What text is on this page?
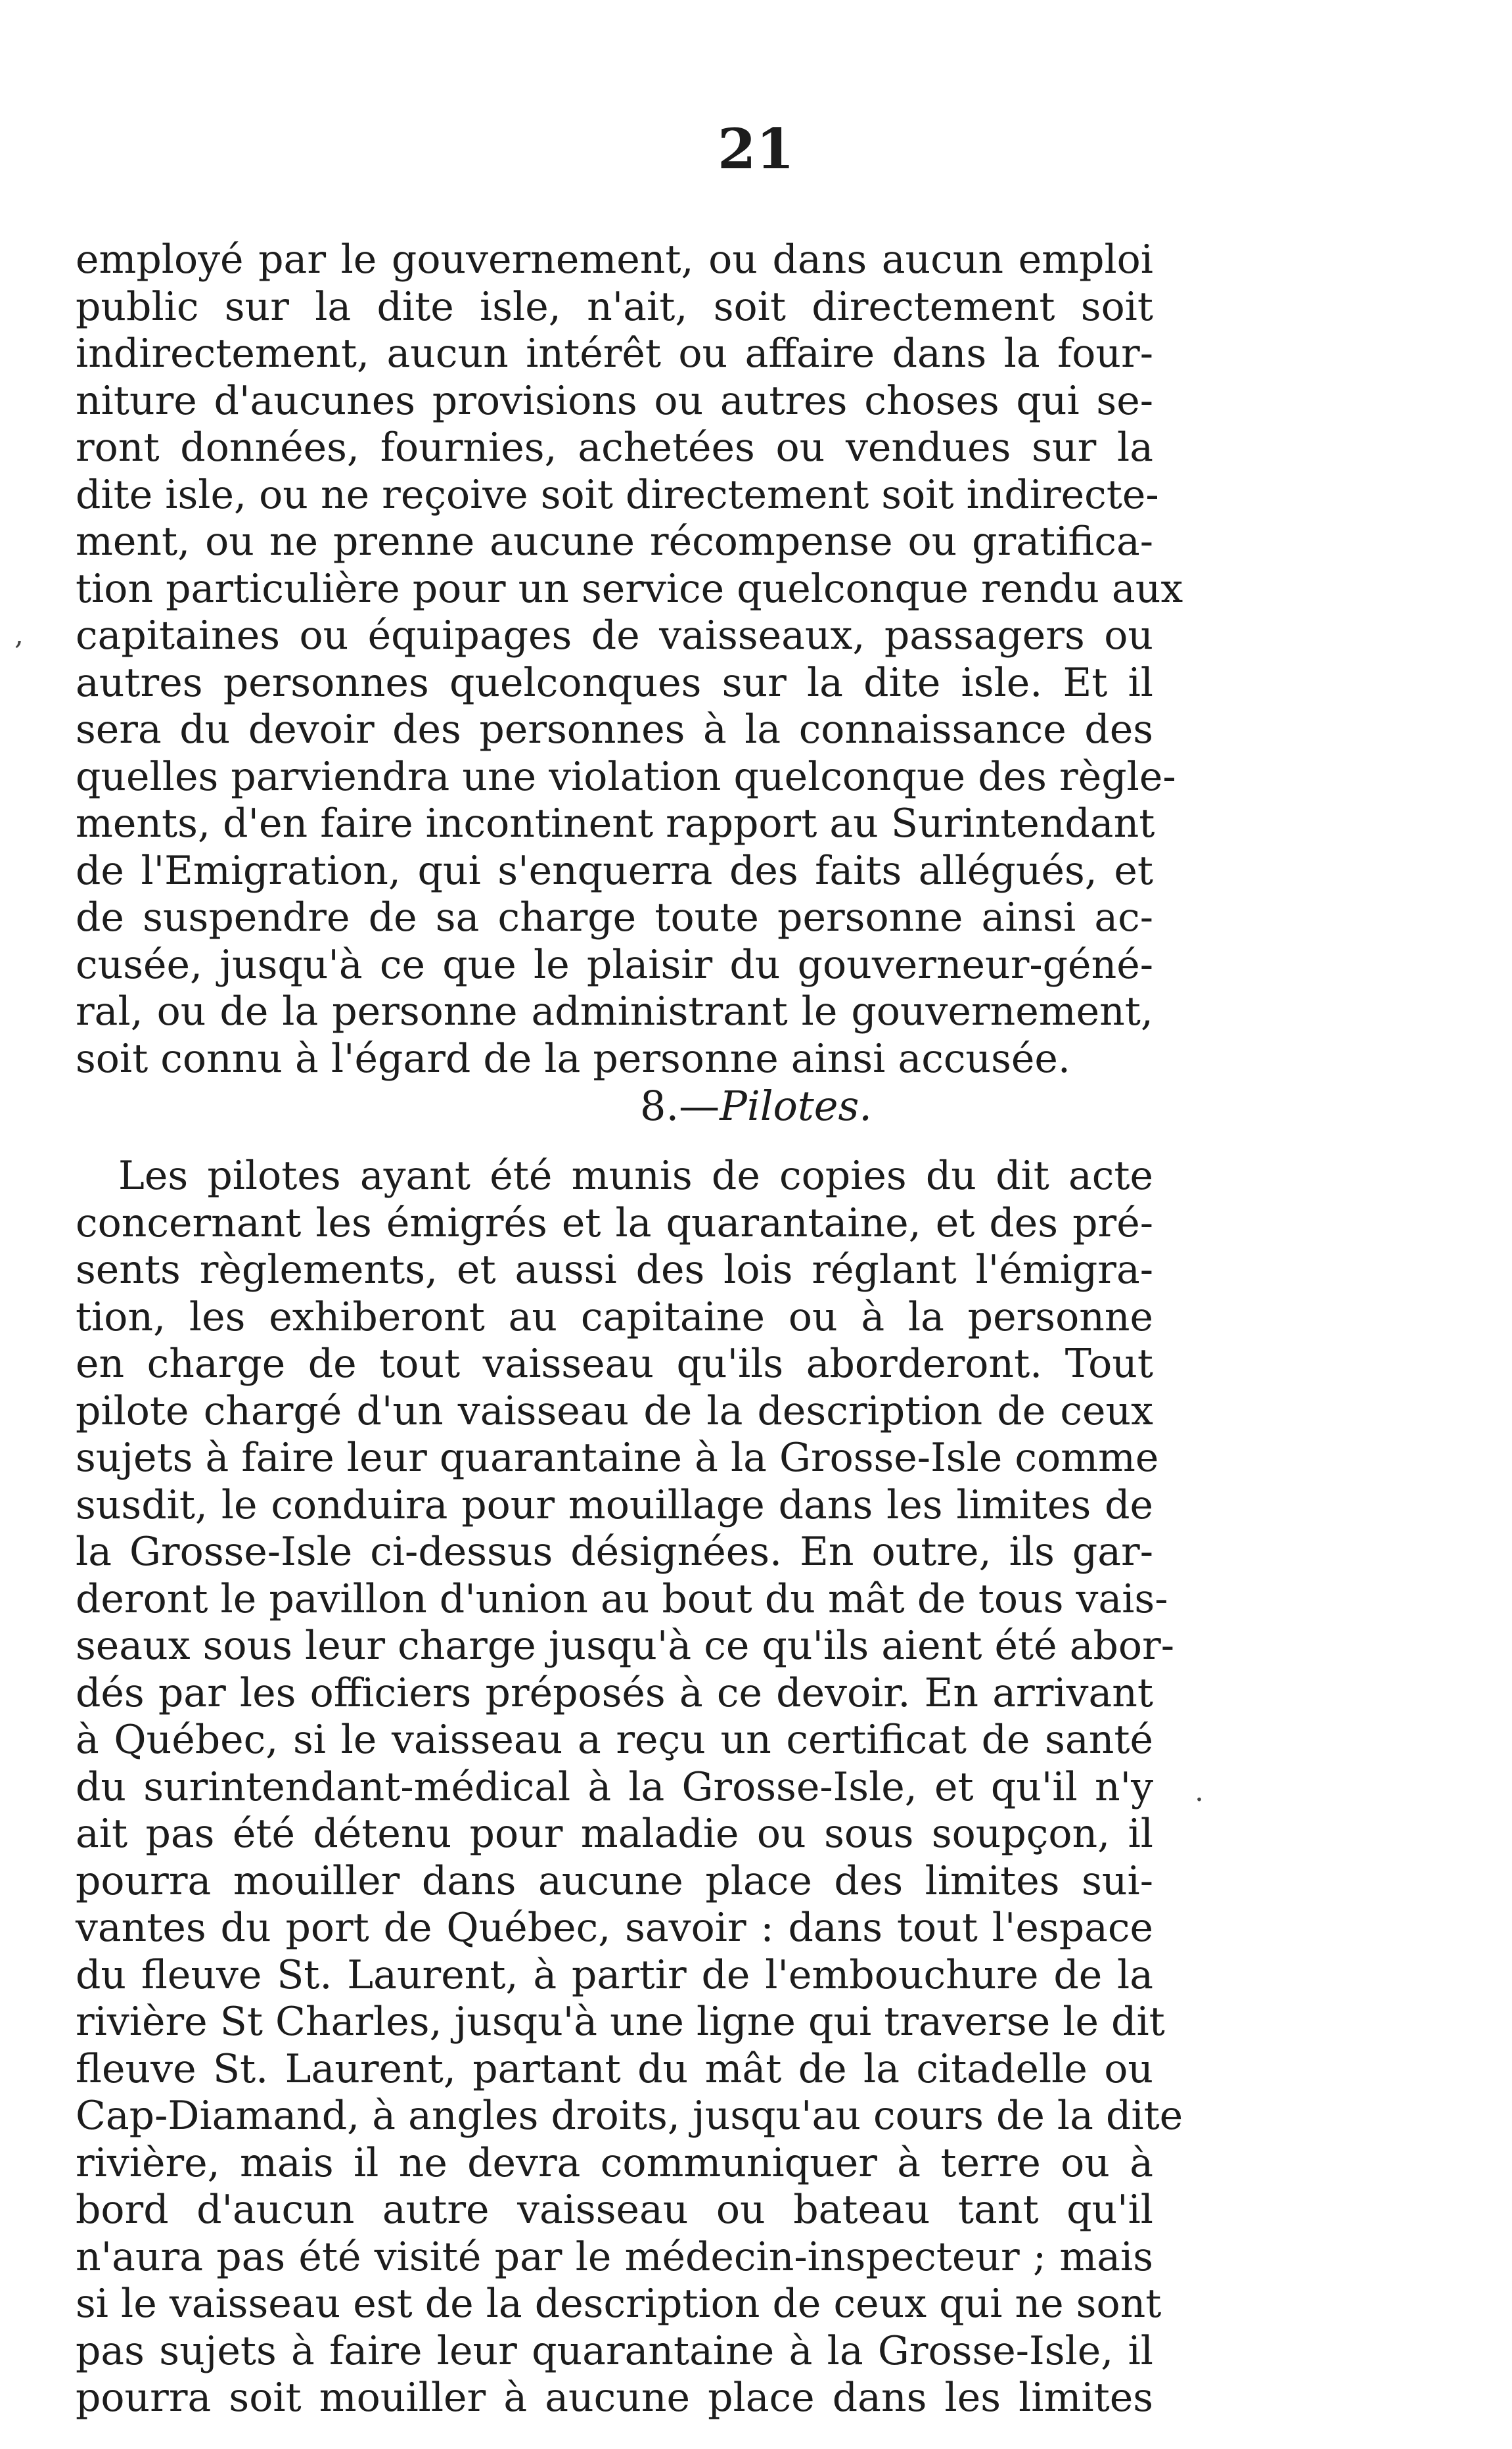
21
,
.
employé par le gouvernement, ou dans aucun emploi
public sur la dite isle, n'ait, soit directement soit
indirectement, aucun intérêt ou affaire dans la four-
niture d'aucunes provisions ou autres choses qui se-
ront données, fournies, achetées ou vendues sur la
dite isle, ou ne reçoive soit directement soit indirecte-
ment, ou ne prenne aucune récompense ou gratifica-
tion particulière pour un service quelconque rendu aux
capitaines ou équipages de vaisseaux, passagers ou
autres personnes quelconques sur la dite isle. Et il
sera du devoir des personnes à la connaissance des
quelles parviendra une violation quelconque des règle-
ments, d'en faire incontinent rapport au Surintendant
de l'Emigration, qui s'enquerra des faits allégués, et
de suspendre de sa charge toute personne ainsi ac-
cusée, jusqu'à ce que le plaisir du gouverneur-géné-
ral, ou de la personne administrant le gouvernement,
soit connu à l'égard de la personne ainsi accusée.
8.—Pilotes.
Les pilotes ayant été munis de copies du dit acte
concernant les émigrés et la quarantaine, et des pré-
sents règlements, et aussi des lois réglant l'émigra-
tion, les exhiberont au capitaine ou à la personne
en charge de tout vaisseau qu'ils aborderont. Tout
pilote chargé d'un vaisseau de la description de ceux
sujets à faire leur quarantaine à la Grosse-Isle comme
susdit, le conduira pour mouillage dans les limites de
la Grosse-Isle ci-dessus désignées. En outre, ils gar-
deront le pavillon d'union au bout du mât de tous vais-
seaux sous leur charge jusqu'à ce qu'ils aient été abor-
dés par les officiers préposés à ce devoir. En arrivant
à Québec, si le vaisseau a reçu un certificat de santé
du surintendant-médical à la Grosse-Isle, et qu'il n'y
ait pas été détenu pour maladie ou sous soupçon, il
pourra mouiller dans aucune place des limites sui-
vantes du port de Québec, savoir : dans tout l'espace
du fleuve St. Laurent, à partir de l'embouchure de la
rivière St Charles, jusqu'à une ligne qui traverse le dit
fleuve St. Laurent, partant du mât de la citadelle ou
Cap-Diamand, à angles droits, jusqu'au cours de la dite
rivière, mais il ne devra communiquer à terre ou à
bord d'aucun autre vaisseau ou bateau tant qu'il
n'aura pas été visité par le médecin-inspecteur ; mais
si le vaisseau est de la description de ceux qui ne sont
pas sujets à faire leur quarantaine à la Grosse-Isle, il
pourra soit mouiller à aucune place dans les limites
